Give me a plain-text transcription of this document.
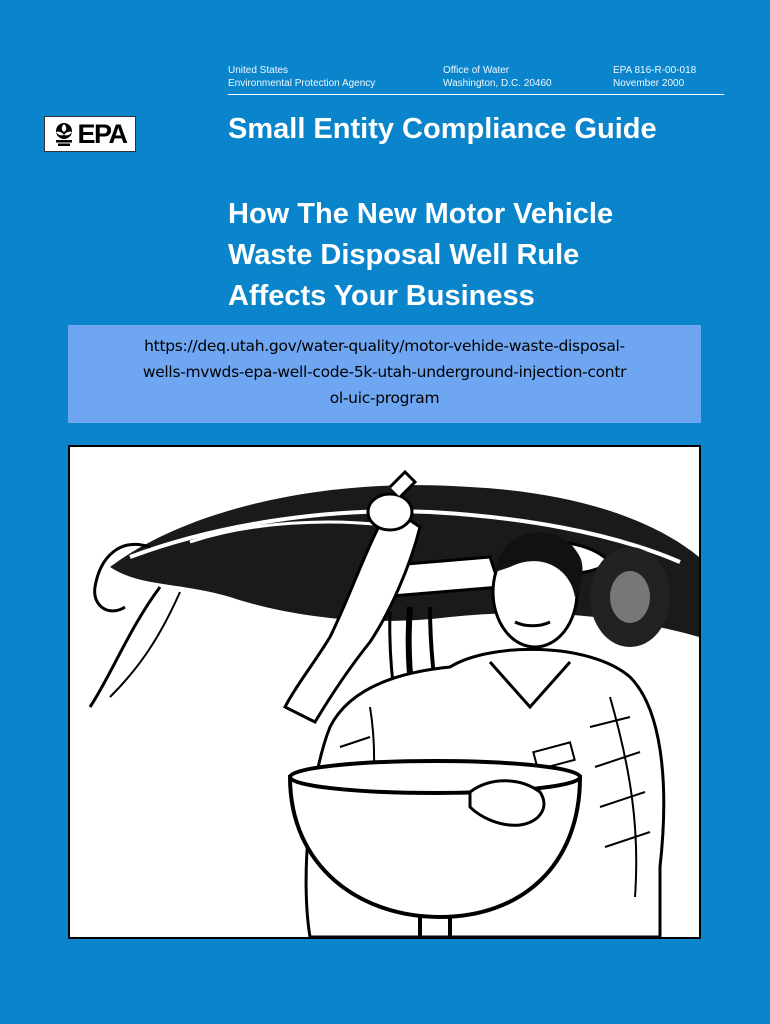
United States
Environmental Protection Agency
Office of Water
Washington, D.C. 20460
EPA 816-R-00-018
November 2000
EPA	Small Entity Compliance Guide
How The New Motor Vehicle
Waste Disposal Well Rule
Affects Your Business
https://deq.utah.gov/water-quality/motor-vehide-waste-disposal-
wells-mvwds-epa-well-code-5k-utah-underground-injection-contr
ol-uic-program
